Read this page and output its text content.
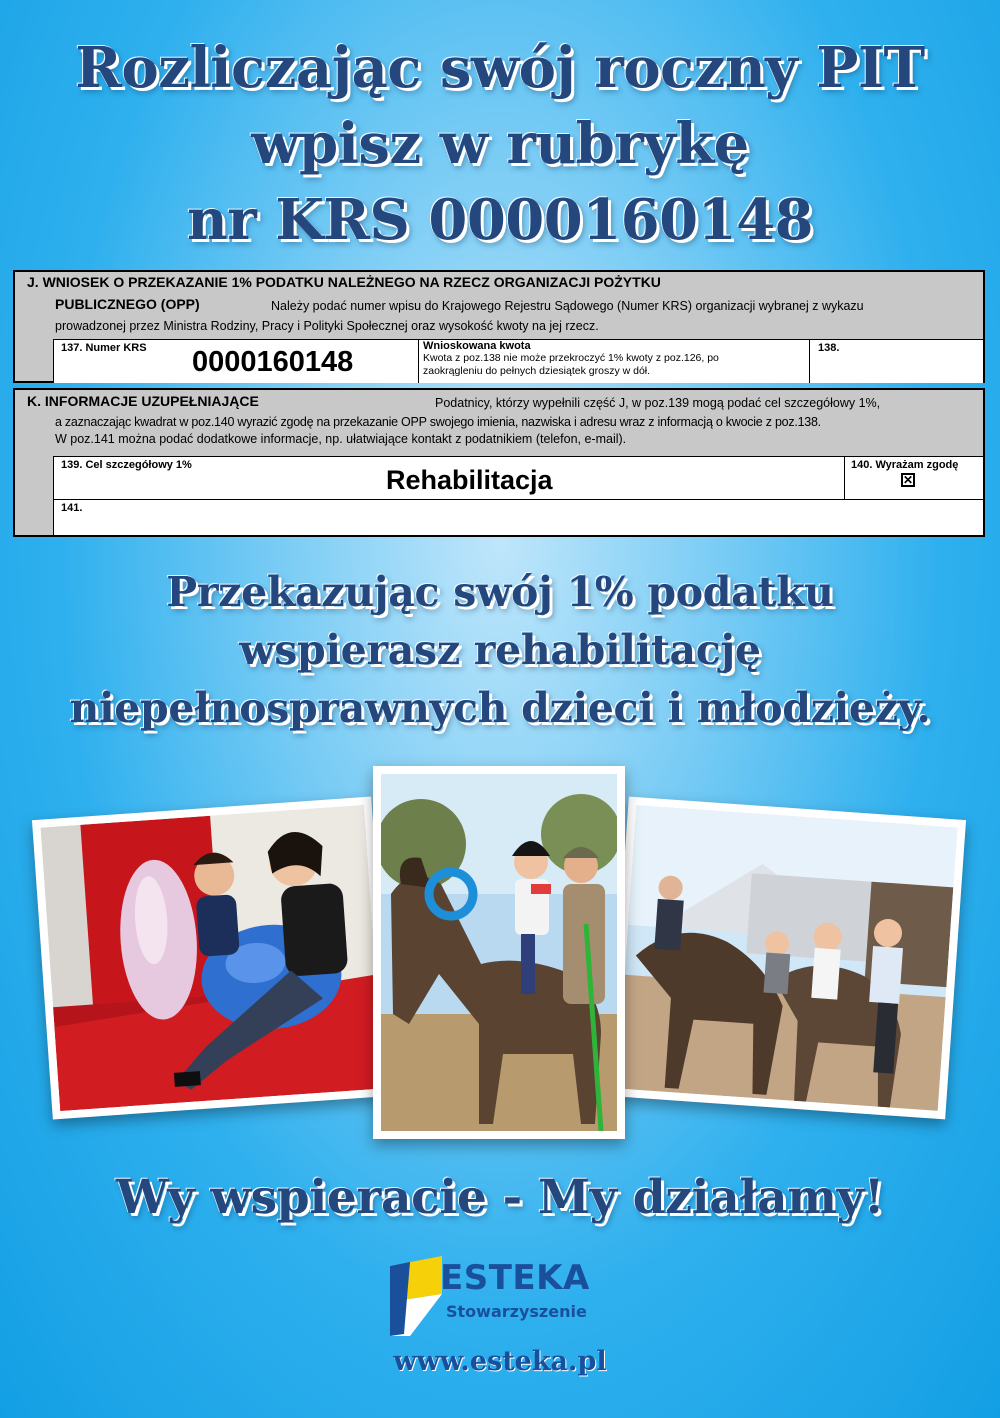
Rozliczając swój roczny PIT
wpisz w rubrykę
nr KRS 0000160148
J. WNIOSEK O PRZEKAZANIE 1% PODATKU NALEŻNEGO NA RZECZ ORGANIZACJI POŻYTKU
PUBLICZNEGO (OPP)	Należy podać numer wpisu do Krajowego Rejestru Sądowego (Numer KRS) organizacji wybranej z wykazu
prowadzonej przez Ministra Rodziny, Pracy i Polityki Społecznej oraz wysokość kwoty na jej rzecz.
137. Numer KRS 0000160148	Wnioskowana kwota
Kwota z poz.138 nie może przekroczyć 1% kwoty z poz.126, po
zaokrągleniu do pełnych dziesiątek groszy w dół.
138.
K. INFORMACJE UZUPEŁNIAJĄCE	Podatnicy, którzy wypełnili część J, w poz.139 mogą podać cel szczegółowy 1%,
a zaznaczając kwadrat w poz.140 wyrazić zgodę na przekazanie OPP swojego imienia, nazwiska i adresu wraz z informacją o kwocie z poz.138.
W poz.141 można podać dodatkowe informacje, np. ułatwiające kontakt z podatnikiem (telefon, e-mail).
139. Cel szczegółowy 1%	Rehabilitacja	140. Wyrażam zgodę
✕
141.
Przekazując swój 1% podatku
wspierasz rehabilitację
niepełnosprawnych dzieci i młodzieży.
Wy wspieracie - My działamy!
ESTEKA
Stowarzyszenie
www.esteka.pl
